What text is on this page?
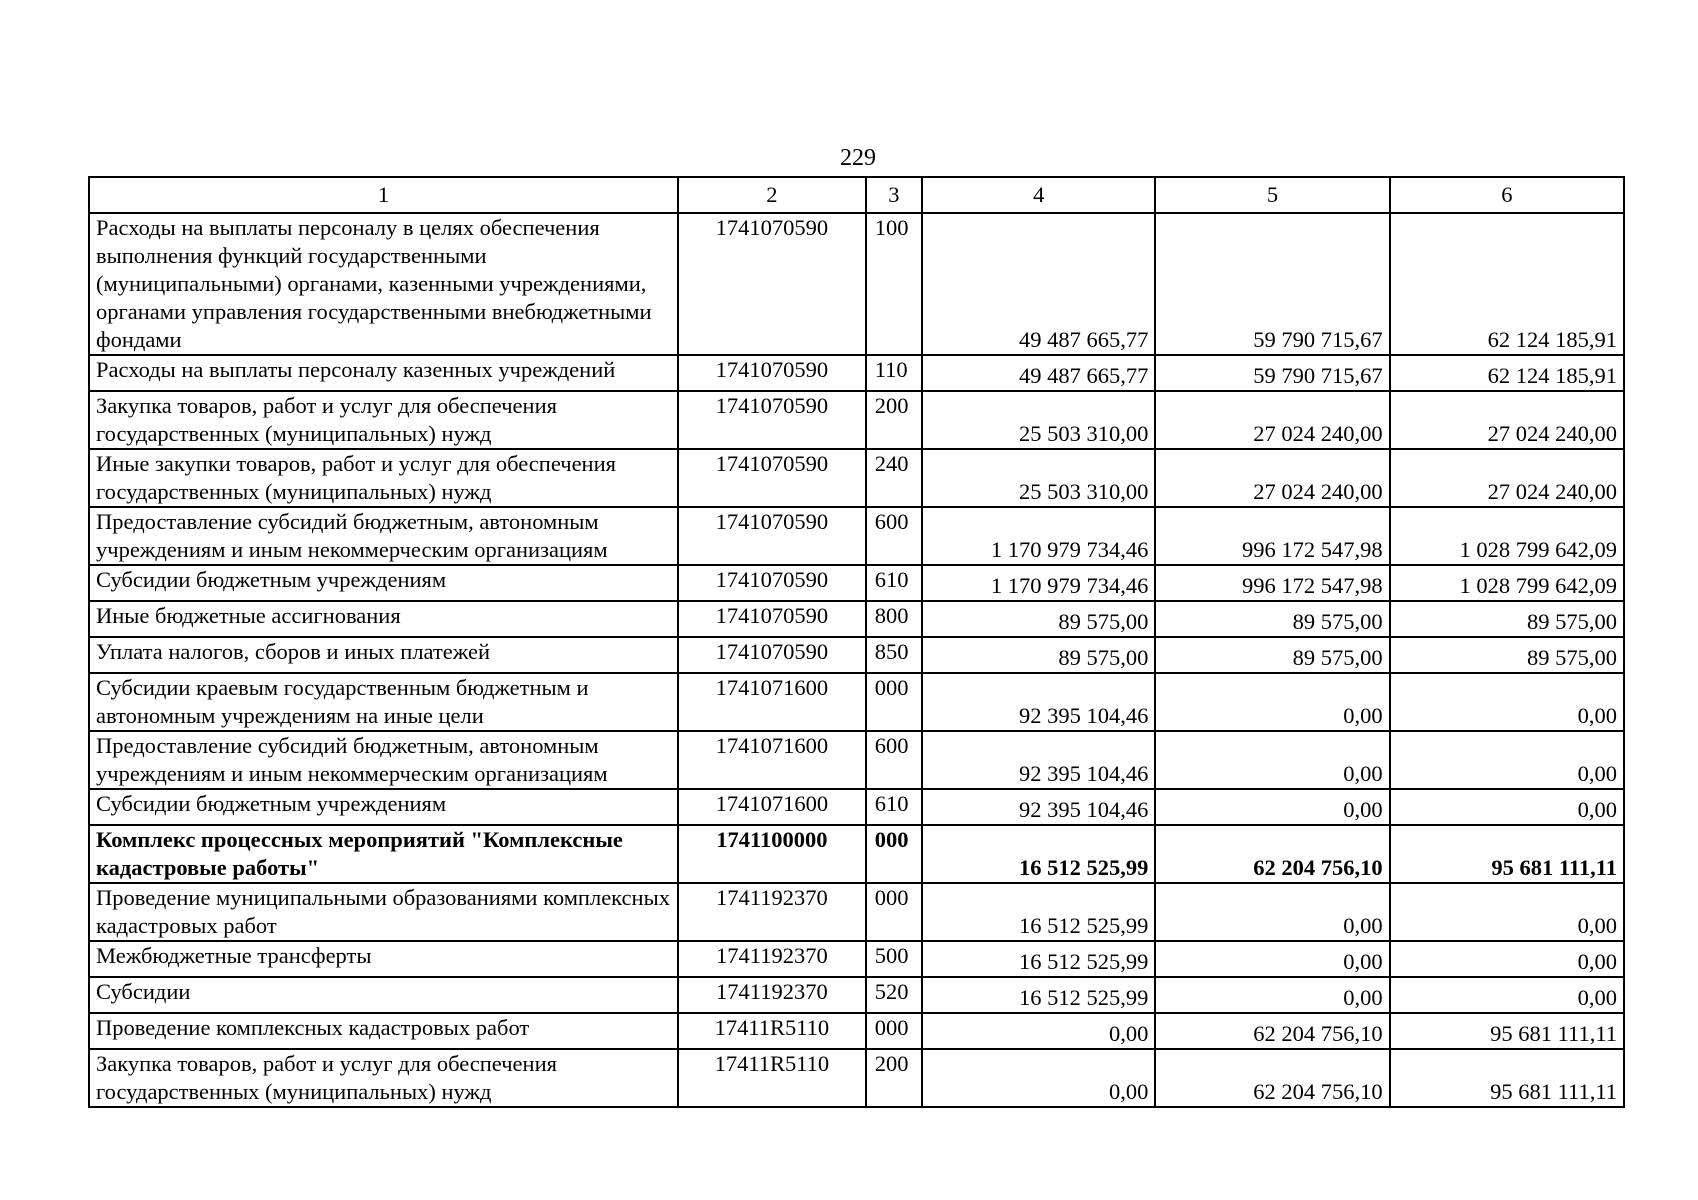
229
1	2	3	4	5	6
Расходы на выплаты персоналу в целях обеспечения выполнения функций государственными (муниципальными) органами, казенными учреждениями, органами управления государственными внебюджетными фондами	1741070590	100	49 487 665,77	59 790 715,67	62 124 185,91
Расходы на выплаты персоналу казенных учреждений	1741070590	110	49 487 665,77	59 790 715,67	62 124 185,91
Закупка товаров, работ и услуг для обеспечения государственных (муниципальных) нужд	1741070590	200	25 503 310,00	27 024 240,00	27 024 240,00
Иные закупки товаров, работ и услуг для обеспечения государственных (муниципальных) нужд	1741070590	240	25 503 310,00	27 024 240,00	27 024 240,00
Предоставление субсидий бюджетным, автономным учреждениям и иным некоммерческим организациям	1741070590	600	1 170 979 734,46	996 172 547,98	1 028 799 642,09
Субсидии бюджетным учреждениям	1741070590	610	1 170 979 734,46	996 172 547,98	1 028 799 642,09
Иные бюджетные ассигнования	1741070590	800	89 575,00	89 575,00	89 575,00
Уплата налогов, сборов и иных платежей	1741070590	850	89 575,00	89 575,00	89 575,00
Субсидии краевым государственным бюджетным и автономным учреждениям на иные цели	1741071600	000	92 395 104,46	0,00	0,00
Предоставление субсидий бюджетным, автономным учреждениям и иным некоммерческим организациям	1741071600	600	92 395 104,46	0,00	0,00
Субсидии бюджетным учреждениям	1741071600	610	92 395 104,46	0,00	0,00
Комплекс процессных мероприятий "Комплексные кадастровые работы"	1741100000	000	16 512 525,99	62 204 756,10	95 681 111,11
Проведение муниципальными образованиями комплексных кадастровых работ	1741192370	000	16 512 525,99	0,00	0,00
Межбюджетные трансферты	1741192370	500	16 512 525,99	0,00	0,00
Субсидии	1741192370	520	16 512 525,99	0,00	0,00
Проведение комплексных кадастровых работ	17411R5110	000	0,00	62 204 756,10	95 681 111,11
Закупка товаров, работ и услуг для обеспечения государственных (муниципальных) нужд	17411R5110	200	0,00	62 204 756,10	95 681 111,11
